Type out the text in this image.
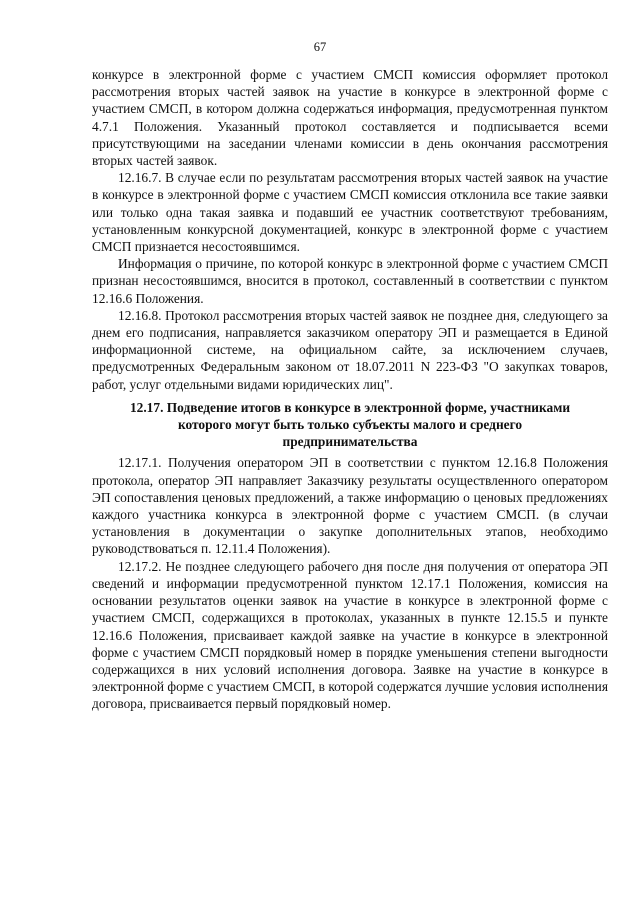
67

конкурсе в электронной форме с участием СМСП комиссия оформляет протокол рассмотрения вторых частей заявок на участие в конкурсе в электронной форме с участием СМСП, в котором должна содержаться информация, предусмотренная пунктом 4.7.1 Положения. Указанный протокол составляется и подписывается всеми присутствующими на заседании членами комиссии в день окончания рассмотрения вторых частей заявок.

12.16.7. В случае если по результатам рассмотрения вторых частей заявок на участие в конкурсе в электронной форме с участием СМСП комиссия отклонила все такие заявки или только одна такая заявка и подавший ее участник соответствуют требованиям, установленным конкурсной документацией, конкурс в электронной форме с участием СМСП признается несостоявшимся.

Информация о причине, по которой конкурс в электронной форме с участием СМСП признан несостоявшимся, вносится в протокол, составленный в соответствии с пунктом 12.16.6 Положения.

12.16.8. Протокол рассмотрения вторых частей заявок не позднее дня, следующего за днем его подписания, направляется заказчиком оператору ЭП и размещается в Единой информационной системе, на официальном сайте, за исключением случаев, предусмотренных Федеральным законом от 18.07.2011 N 223-ФЗ "О закупках товаров, работ, услуг отдельными видами юридических лиц".

12.17. Подведение итогов в конкурсе в электронной форме, участниками которого могут быть только субъекты малого и среднего предпринимательства

12.17.1. Получения оператором ЭП в соответствии с пунктом 12.16.8 Положения протокола, оператор ЭП направляет Заказчику результаты осуществленного оператором ЭП сопоставления ценовых предложений, а также информацию о ценовых предложениях каждого участника конкурса в электронной форме с участием СМСП. (в случаи установления в документации о закупке дополнительных этапов, необходимо руководствоваться п. 12.11.4 Положения).

12.17.2. Не позднее следующего рабочего дня после дня получения от оператора ЭП сведений и информации предусмотренной пунктом 12.17.1 Положения, комиссия на основании результатов оценки заявок на участие в конкурсе в электронной форме с участием СМСП, содержащихся в протоколах, указанных в пункте 12.15.5 и пункте 12.16.6 Положения, присваивает каждой заявке на участие в конкурсе в электронной форме с участием СМСП порядковый номер в порядке уменьшения степени выгодности содержащихся в них условий исполнения договора. Заявке на участие в конкурсе в электронной форме с участием СМСП, в которой содержатся лучшие условия исполнения договора, присваивается первый порядковый номер.
